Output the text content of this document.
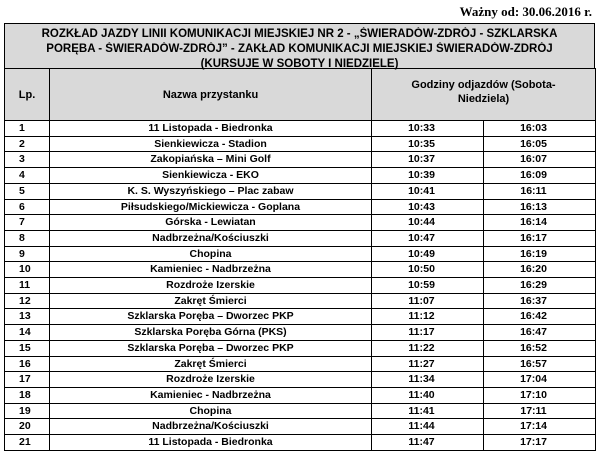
Ważny od: 30.06.2016 r.
ROZKŁAD JAZDY LINII KOMUNIKACJI MIEJSKIEJ NR 2 - „ŚWIERADÓW-ZDRÓJ - SZKLARSKA
PORĘBA - ŚWIERADÓW-ZDRÓJ” - ZAKŁAD KOMUNIKACJI MIEJSKIEJ ŚWIERADÓW-ZDRÓJ
(KURSUJE W SOBOTY I NIEDZIELE)
Lp.	Nazwa przystanku	Godziny odjazdów (Sobota-
Niedziela)	

1	11 Listopada - Biedronka	10:33	16:03
2	Sienkiewicza - Stadion	10:35	16:05
3	Zakopiańska – Mini Golf	10:37	16:07
4	Sienkiewicza - EKO	10:39	16:09
5	K. S. Wyszyńskiego – Plac zabaw	10:41	16:11
6	Piłsudskiego/Mickiewicza - Goplana	10:43	16:13
7	Górska - Lewiatan	10:44	16:14
8	Nadbrzeżna/Kościuszki	10:47	16:17
9	Chopina	10:49	16:19
10	Kamieniec - Nadbrzeżna	10:50	16:20
11	Rozdroże Izerskie	10:59	16:29
12	Zakręt Śmierci	11:07	16:37
13	Szklarska Poręba – Dworzec PKP	11:12	16:42
14	Szklarska Poręba Górna (PKS)	11:17	16:47
15	Szklarska Poręba – Dworzec PKP	11:22	16:52
16	Zakręt Śmierci	11:27	16:57
17	Rozdroże Izerskie	11:34	17:04
18	Kamieniec - Nadbrzeżna	11:40	17:10
19	Chopina	11:41	17:11
20	Nadbrzeżna/Kościuszki	11:44	17:14
21	11 Listopada - Biedronka	11:47	17:17
